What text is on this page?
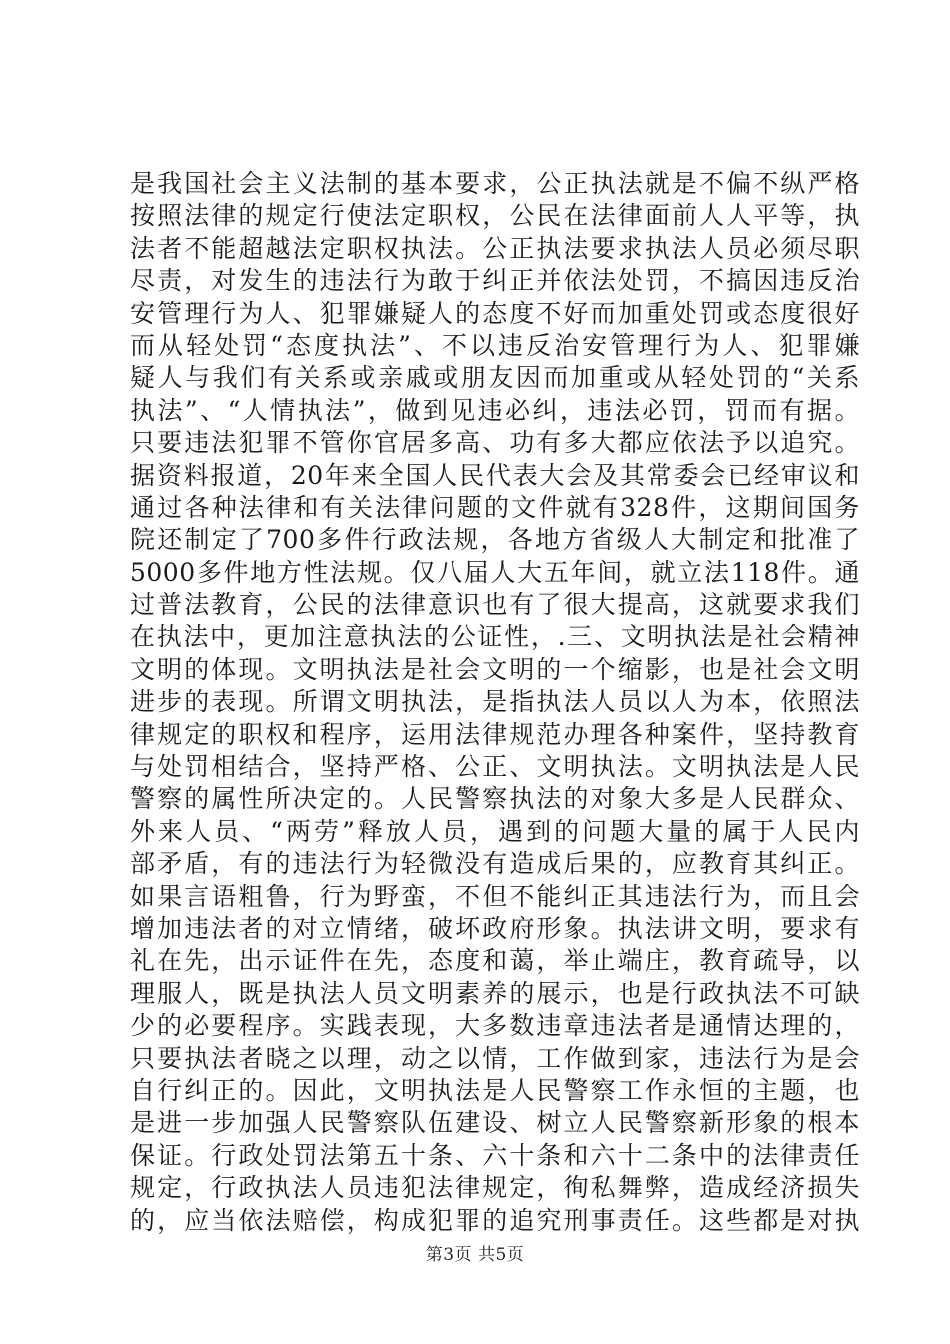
是我国社会主义法制的基本要求，公正执法就是不偏不纵严格
按照法律的规定行使法定职权，公民在法律面前人人平等，执
法者不能超越法定职权执法。公正执法要求执法人员必须尽职
尽责，对发生的违法行为敢于纠正并依法处罚，不搞因违反治
安管理行为人、犯罪嫌疑人的态度不好而加重处罚或态度很好
而从轻处罚“态度执法”、不以违反治安管理行为人、犯罪嫌
疑人与我们有关系或亲戚或朋友因而加重或从轻处罚的“关系
执法”、“人情执法”，做到见违必纠，违法必罚，罚而有据。
只要违法犯罪不管你官居多高、功有多大都应依法予以追究。
据资料报道，20年来全国人民代表大会及其常委会已经审议和
通过各种法律和有关法律问题的文件就有328件，这期间国务
院还制定了700多件行政法规，各地方省级人大制定和批准了
5000多件地方性法规。仅八届人大五年间，就立法118件。通
过普法教育，公民的法律意识也有了很大提高，这就要求我们
在执法中，更加注意执法的公证性，.三、文明执法是社会精神
文明的体现。文明执法是社会文明的一个缩影，也是社会文明
进步的表现。所谓文明执法，是指执法人员以人为本，依照法
律规定的职权和程序，运用法律规范办理各种案件，坚持教育
与处罚相结合，坚持严格、公正、文明执法。文明执法是人民
警察的属性所决定的。人民警察执法的对象大多是人民群众、
外来人员、“两劳”释放人员，遇到的问题大量的属于人民内
部矛盾，有的违法行为轻微没有造成后果的，应教育其纠正。
如果言语粗鲁，行为野蛮，不但不能纠正其违法行为，而且会
增加违法者的对立情绪，破坏政府形象。执法讲文明，要求有
礼在先，出示证件在先，态度和蔼，举止端庄，教育疏导，以
理服人，既是执法人员文明素养的展示，也是行政执法不可缺
少的必要程序。实践表现，大多数违章违法者是通情达理的，
只要执法者晓之以理，动之以情，工作做到家，违法行为是会
自行纠正的。因此，文明执法是人民警察工作永恒的主题，也
是进一步加强人民警察队伍建设、树立人民警察新形象的根本
保证。行政处罚法第五十条、六十条和六十二条中的法律责任
规定，行政执法人员违犯法律规定，徇私舞弊，造成经济损失
的，应当依法赔偿，构成犯罪的追究刑事责任。这些都是对执
第3页 共5页
